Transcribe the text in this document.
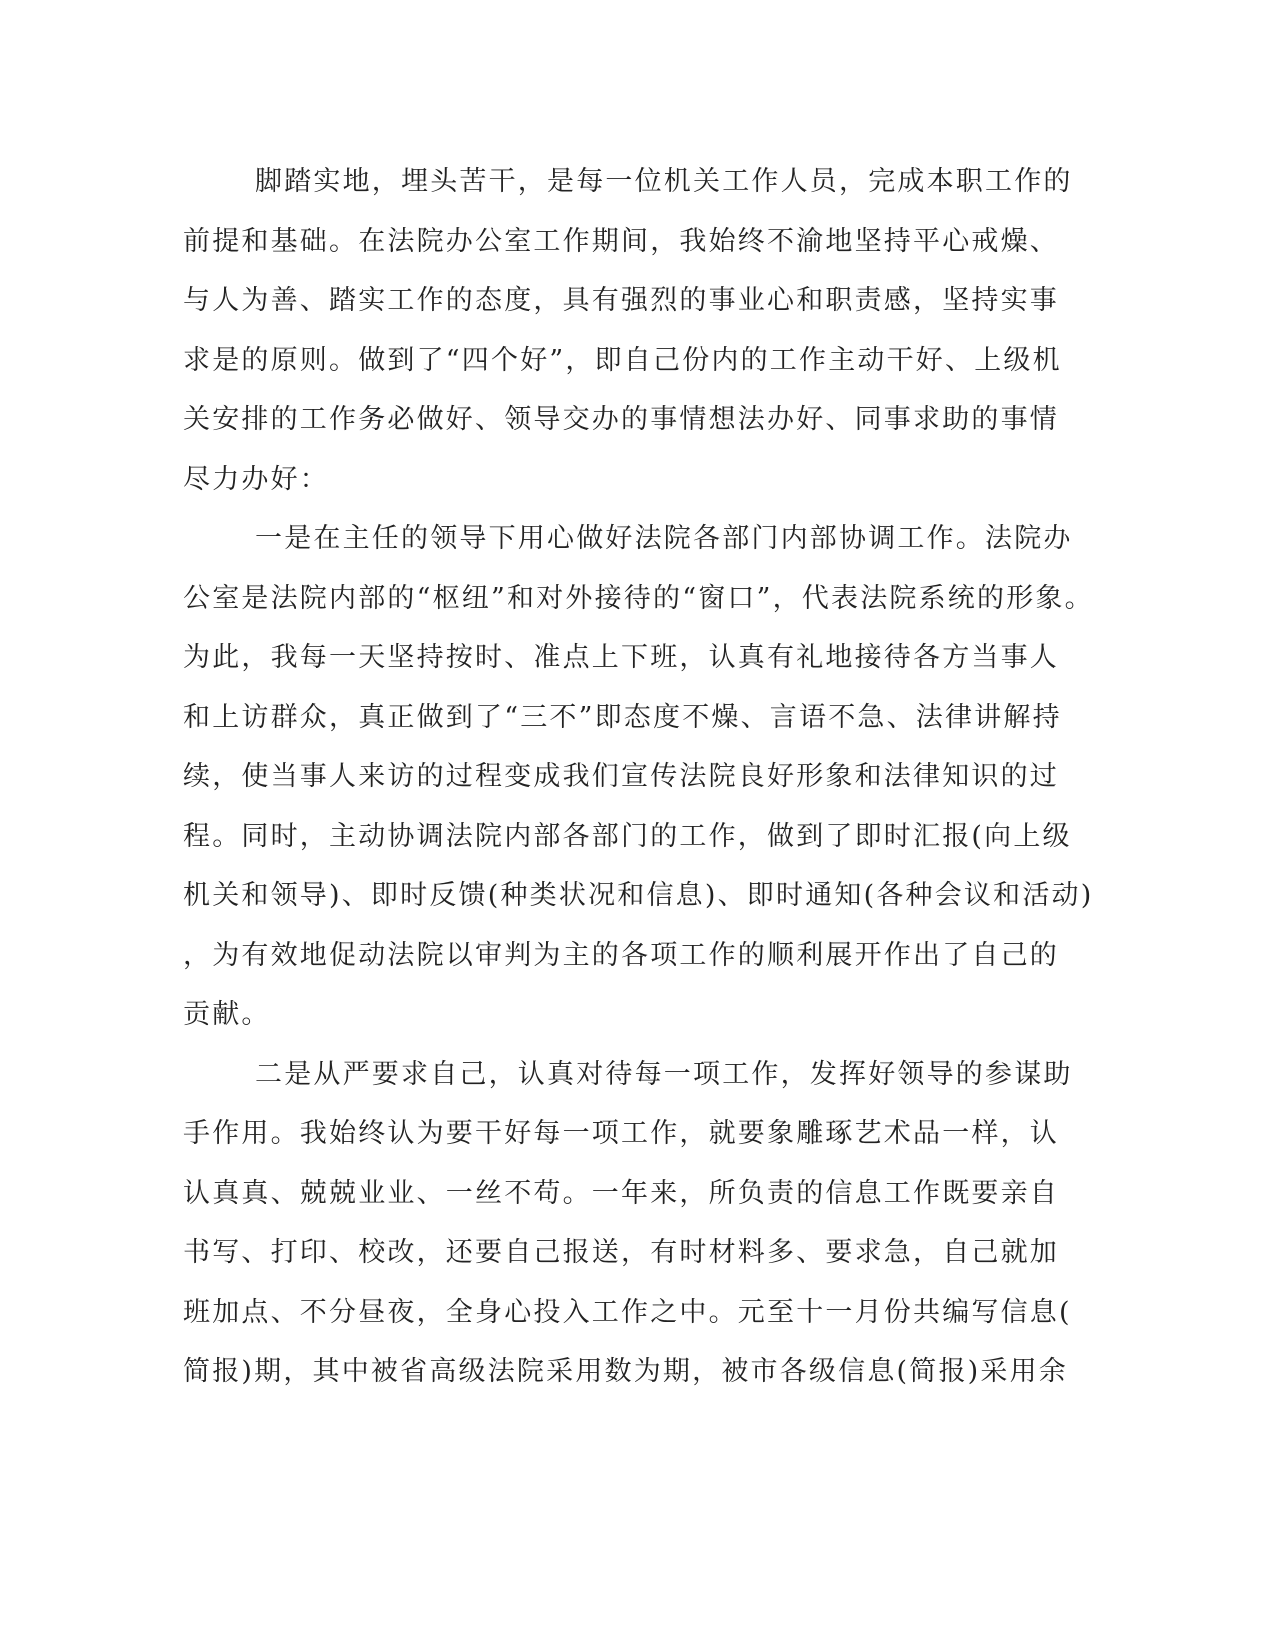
脚踏实地，埋头苦干，是每一位机关工作人员，完成本职工作的
前提和基础。在法院办公室工作期间，我始终不渝地坚持平心戒燥、
与人为善、踏实工作的态度，具有强烈的事业心和职责感，坚持实事
求是的原则。做到了“四个好”，即自己份内的工作主动干好、上级机
关安排的工作务必做好、领导交办的事情想法办好、同事求助的事情
尽力办好：
一是在主任的领导下用心做好法院各部门内部协调工作。法院办
公室是法院内部的“枢纽”和对外接待的“窗口”，代表法院系统的形象。
为此，我每一天坚持按时、准点上下班，认真有礼地接待各方当事人
和上访群众，真正做到了“三不”即态度不燥、言语不急、法律讲解持
续，使当事人来访的过程变成我们宣传法院良好形象和法律知识的过
程。同时，主动协调法院内部各部门的工作，做到了即时汇报(向上级
机关和领导)、即时反馈(种类状况和信息)、即时通知(各种会议和活动)
，为有效地促动法院以审判为主的各项工作的顺利展开作出了自己的
贡献。
二是从严要求自己，认真对待每一项工作，发挥好领导的参谋助
手作用。我始终认为要干好每一项工作，就要象雕琢艺术品一样，认
认真真、兢兢业业、一丝不苟。一年来，所负责的信息工作既要亲自
书写、打印、校改，还要自己报送，有时材料多、要求急，自己就加
班加点、不分昼夜，全身心投入工作之中。元至十一月份共编写信息(
简报)期，其中被省高级法院采用数为期，被市各级信息(简报)采用余
